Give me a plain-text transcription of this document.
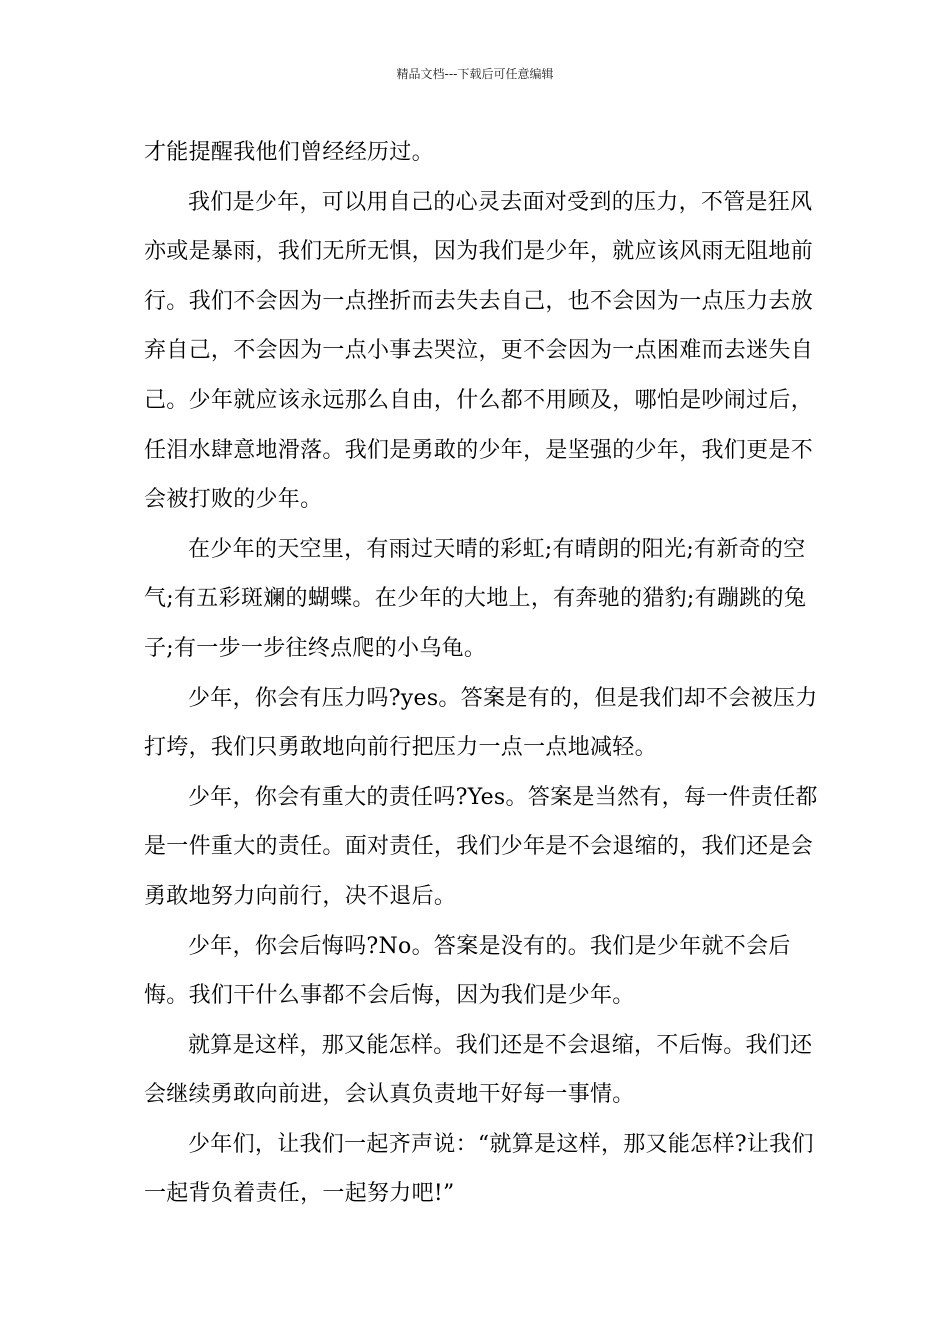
精品文档---下载后可任意编辑

才能提醒我他们曾经经历过。

我们是少年，可以用自己的心灵去面对受到的压力，不管是狂风亦或是暴雨，我们无所无惧，因为我们是少年，就应该风雨无阻地前行。我们不会因为一点挫折而去失去自己，也不会因为一点压力去放弃自己，不会因为一点小事去哭泣，更不会因为一点困难而去迷失自己。少年就应该永远那么自由，什么都不用顾及，哪怕是吵闹过后，任泪水肆意地滑落。我们是勇敢的少年，是坚强的少年，我们更是不会被打败的少年。

在少年的天空里，有雨过天晴的彩虹;有晴朗的阳光;有新奇的空气;有五彩斑斓的蝴蝶。在少年的大地上，有奔驰的猎豹;有蹦跳的兔子;有一步一步往终点爬的小乌龟。

少年，你会有压力吗?yes。答案是有的，但是我们却不会被压力打垮，我们只勇敢地向前行把压力一点一点地减轻。

少年，你会有重大的责任吗?Yes。答案是当然有，每一件责任都是一件重大的责任。面对责任，我们少年是不会退缩的，我们还是会勇敢地努力向前行，决不退后。

少年，你会后悔吗?No。答案是没有的。我们是少年就不会后悔。我们干什么事都不会后悔，因为我们是少年。

就算是这样，那又能怎样。我们还是不会退缩，不后悔。我们还会继续勇敢向前进，会认真负责地干好每一事情。

少年们，让我们一起齐声说：“就算是这样，那又能怎样?让我们一起背负着责任，一起努力吧!”
